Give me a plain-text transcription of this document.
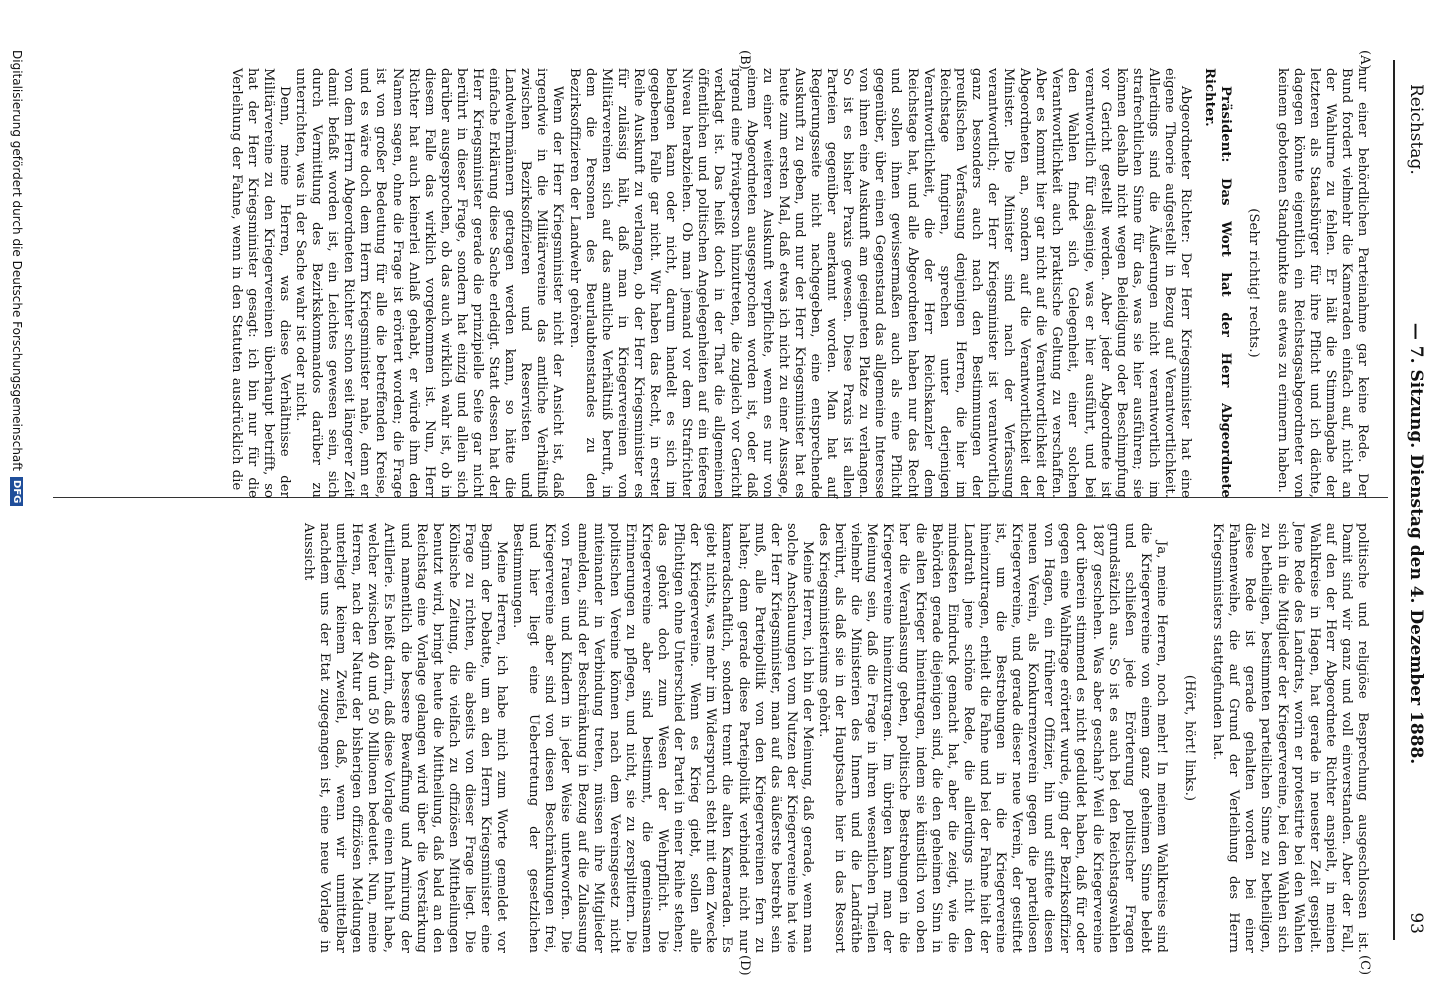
Reichstag.
— 7. Sitzung. Dienstag den 4. Dezember 1888.
93
(A)
(B)
(C)
(D)

nur einer behördlichen Parteinahme gar keine Rede. Der Bund fordert vielmehr die Kameraden einfach auf, nicht an der Wahlurne zu fehlen. Er hält die Stimmabgabe der letzteren als Staatsbürger für ihre Pflicht und ich dächte, dagegen könnte eigentlich ein Reichstagsabgeordneter von keinem gebotenen Standpunkte aus etwas zu erinnern haben.

(Sehr richtig! rechts.)

Präsident: Das Wort hat der Herr Abgeordnete Richter.

Abgeordneter Richter: Der Herr Kriegsminister hat eine eigene Theorie aufgestellt in Bezug auf Verantwortlichkeit. Allerdings sind die Äußerungen nicht verantwortlich im strafrechtlichen Sinne für das, was sie hier ausführen; sie können deshalb nicht wegen Beleidigung oder Beschimpfung vor Gericht gestellt werden. Aber jeder Abgeordnete ist verantwortlich für dasjenige, was er hier ausführt, und bei den Wahlen findet sich Gelegenheit, einer solchen Verantwortlichkeit auch praktische Geltung zu verschaffen. Aber es kommt hier gar nicht auf die Verantwortlichkeit der Abgeordneten an, sondern auf die Verantwortlichkeit der Minister. Die Minister sind nach der Verfassung verantwortlich; der Herr Kriegsminister ist verantwortlich ganz besonders auch nach den Bestimmungen der preußischen Verfassung denjenigen Herren, die hier im Reichstage fungiren, sprechen unter derjenigen Verantwortlichkeit, die der Herr Reichskanzler dem Reichstage hat, und alle Abgeordneten haben nur das Recht und sollen ihnen gewissermaßen auch als eine Pflicht gegenüber, über einen Gegenstand das allgemeine Interesse von ihnen eine Auskunft am geeigneten Platze zu verlangen. So ist es bisher Praxis gewesen. Diese Praxis ist allen Parteien gegenüber anerkannt worden. Man hat auf Regierungsseite nicht nachgegeben, eine entsprechende Auskunft zu geben, und nur der Herr Kriegsminister hat es heute zum ersten Mal, daß etwas ich nicht zu einer Aussage, zu einer weiteren Auskunft verpflichte, wenn es nur von einem Abgeordneten ausgesprochen worden ist, oder daß irgend eine Privatperson hinzutreten, die zugleich vor Gericht verklagt ist. Das heißt doch in der That die allgemeinen öffentlichen und politischen Angelegenheiten auf ein tieferes Niveau herabziehen. Ob man jemand vor dem Strafrichter belangen kann oder nicht, darum handelt es sich im gegebenen Falle gar nicht. Wir haben das Recht, in erster Reihe Auskunft zu verlangen, ob der Herr Kriegsminister es für zulässig hält, daß man in Kriegervereinen von Militärvereinen sich auf das amtliche Verhältniß beruft, in dem die Personen des Beurlaubtenstandes zu den Bezirksoffizieren der Landwehr gehören.

Wenn der Herr Kriegsminister nicht der Ansicht ist, daß irgendwie in die Militärvereine das amtliche Verhältniß zwischen Bezirksoffizieren und Reservisten und Landwehrmännern getragen werden kann, so hätte die einfache Erklärung diese Sache erledigt. Statt dessen hat der Herr Kriegsminister gerade die prinzipielle Seite gar nicht berührt in dieser Frage, sondern hat einzig und allein sich darüber ausgesprochen, ob das auch wirklich wahr ist, ob in diesem Falle das wirklich vorgekommen ist. Nun, Herr Richter hat auch keinerlei Anlaß gehabt, er würde ihm den Namen sagen, ohne die Frage ist erörtert worden; die Frage ist von großer Bedeutung für alle die betreffenden Kreise, und es wäre doch dem Herrn Kriegsminister nahe, denn er von dem Herrn Abgeordneten Richter schon seit längerer Zeit damit befaßt worden ist, ein Leichtes gewesen sein, sich durch Vermittlung des Bezirkskommandos darüber zu unterrichten, was in der Sache wahr ist oder nicht.

Denn, meine Herren, was diese Verhältnisse der Militärvereine zu den Kriegervereinen überhaupt betrifft, so hat der Herr Kriegsminister gesagt: ich bin nur für die Verleihung der Fahne, wenn in den Statuten ausdrücklich die

politische und religiöse Besprechung ausgeschlossen ist. Damit sind wir ganz und voll einverstanden. Aber der Fall, auf den der Herr Abgeordnete Richter anspielt, in meinen Wahlkreise in Hagen, hat gerade in neuester Zeit gespielt. Jene Rede des Landrats, worin er protestirte bei den Wahlen sich in die Mitglieder der Kriegervereine, bei den Wahlen sich zu betheiligen, bestimmten parteilichen Sinne zu betheiligen, diese Rede ist gerade gehalten worden bei einer Fahnenweihe, die auf Grund der Verleihung des Herrn Kriegsministers stattgefunden hat.

(Hört, hört! links.)

Ja, meine Herren, noch mehr! In meinem Wahlkreise sind die Kriegervereine von einem ganz geheimen Sinne belebt und schließen jede Erörterung politischer Fragen grundsätzlich aus. So ist es auch bei den Reichstagswahlen 1887 geschehen. Was aber geschah? Weil die Kriegervereine dort überein stimmend es nicht geduldet haben, daß für oder gegen eine Wahlfrage erörtert wurde, ging der Bezirksoffizier von Hagen, ein früherer Offizier, hin und stiftete diesen neuen Verein, als Konkurrenzverein gegen die parteilosen Kriegervereine, und gerade dieser neue Verein, der gestiftet ist, um die Bestrebungen in die Kriegervereine hineinzutragen, erhielt die Fahne und bei der Fahne hielt der Landrath jene schöne Rede, die allerdings nicht den mindesten Eindruck gemacht hat, aber die zeigt, wie die Behörden gerade diejenigen sind, die den geheimen Sinn in die alten Krieger hineintragen, indem sie künstlich von oben her die Veranlassung geben, politische Bestrebungen in die Kriegervereine hineinzutragen. Im übrigen kann man der Meinung sein, daß die Frage in ihren wesentlichen Theilen vielmehr die Ministerien des Innern und die Landräthe berührt, als daß sie in der Hauptsache hier in das Ressort des Kriegsministeriums gehört.

Meine Herren, ich bin der Meinung, daß gerade, wenn man solche Anschauungen vom Nutzen der Kriegervereine hat wie der Herr Kriegsminister, man auf das äußerste bestrebt sein muß, alle Parteipolitik von den Kriegervereinen fern zu halten; denn gerade diese Parteipolitik verbindet nicht nur kameradschaftlich, sondern trennt die alten Kameraden. Es giebt nichts, was mehr im Widerspruch steht mit dem Zwecke der Kriegervereine. Wenn es Krieg giebt, sollen alle Pflichtigen ohne Unterschied der Partei in einer Reihe stehen; das gehört doch zum Wesen der Wehrpflicht. Die Kriegervereine aber sind bestimmt, die gemeinsamen Erinnerungen zu pflegen, und nicht, sie zu zersplittern. Die politischen Vereine können nach dem Vereinsgesetz nicht miteinander in Verbindung treten, müssen ihre Mitglieder anmelden, sind der Beschränkung in Bezug auf die Zulassung von Frauen und Kindern in jeder Weise unterworfen. Die Kriegervereine aber sind von diesen Beschränkungen frei, und hier liegt eine Uebertretung der gesetzlichen Bestimmungen.

Meine Herren, ich habe mich zum Worte gemeldet vor Beginn der Debatte, um an den Herrn Kriegsminister eine Frage zu richten, die abseits von dieser Frage liegt. Die Kölnische Zeitung, die vielfach zu offiziösen Mittheilungen benutzt wird, bringt heute die Mittheilung, daß bald an den Reichstag eine Vorlage gelangen wird über die Verstärkung und namentlich die bessere Bewaffnung und Armirung der Artillerie. Es heißt darin, daß diese Vorlage einen Inhalt habe, welcher zwischen 40 und 50 Millionen bedeutet. Nun, meine Herren, nach der Natur der bisherigen offiziösen Meldungen unterliegt keinem Zweifel, daß, wenn wir unmittelbar nachdem uns der Etat zugegangen ist, eine neue Vorlage in Aussicht

Digitalisierung gefördert durch die Deutsche Forschungsgemeinschaft
DFG
